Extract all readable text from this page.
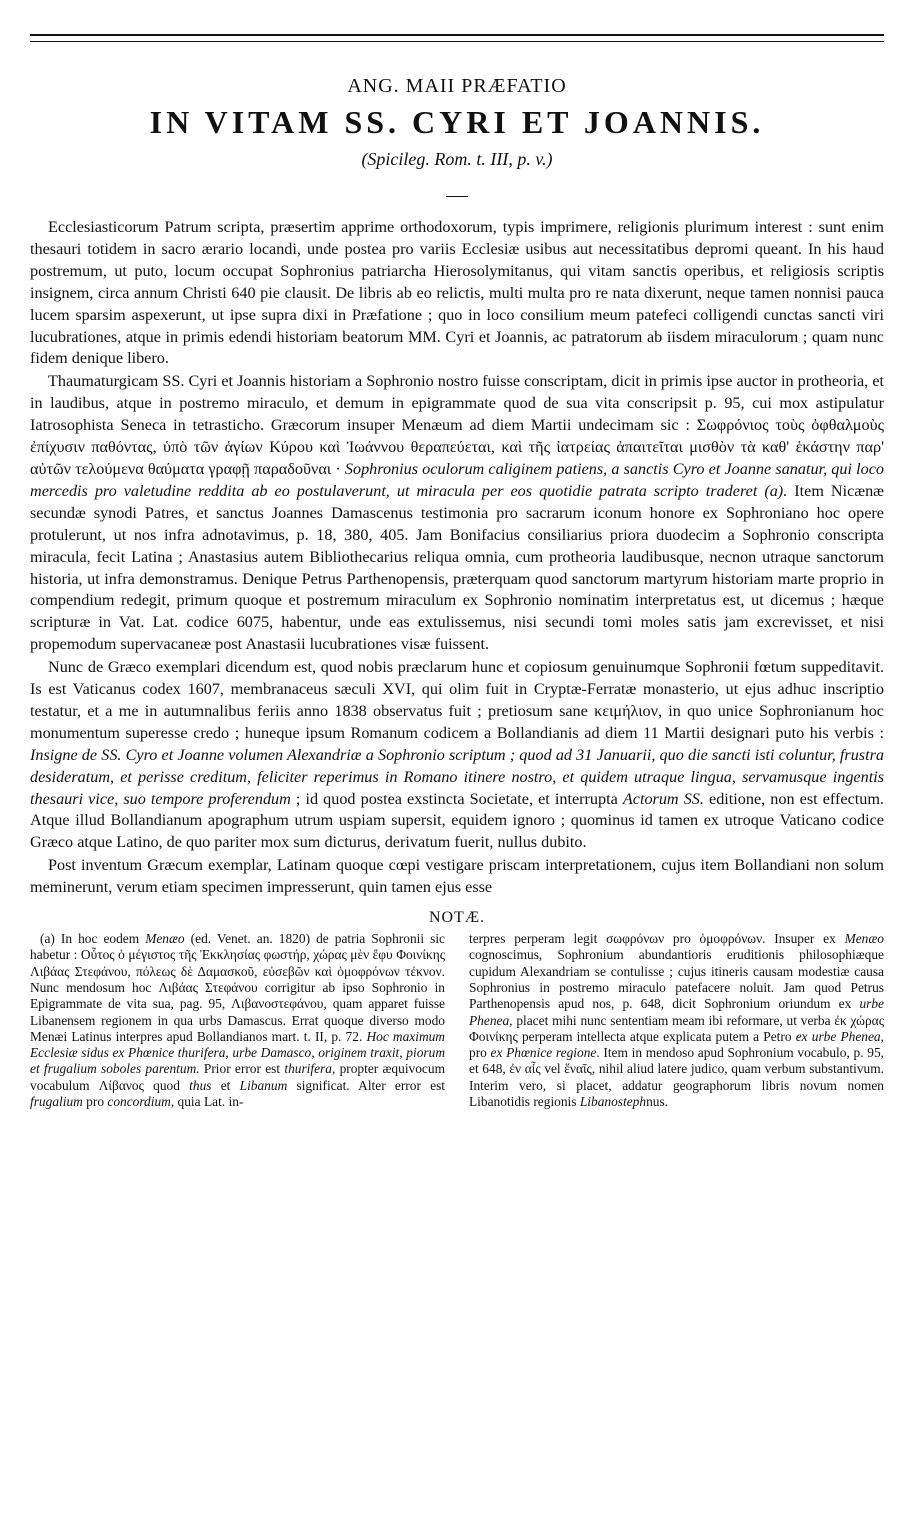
ANG. MAII PRÆFATIO
IN VITAM SS. CYRI ET JOANNIS.
(Spicileg. Rom. t. III, p. v.)

Ecclesiasticorum Patrum scripta, præsertim apprime orthodoxorum, typis imprimere, religionis plurimum interest : sunt enim thesauri totidem in sacro ærario locandi, unde postea pro variis Ecclesiæ usibus aut necessitatibus depromi queant. In his haud postremum, ut puto, locum occupat Sophronius patriarcha Hierosolymitanus, qui vitam sanctis operibus, et religiosis scriptis insignem, circa annum Christi 640 pie clausit. De libris ab eo relictis, multi multa pro re nata dixerunt, neque tamen nonnisi pauca lucem sparsim aspexerunt, ut ipse supra dixi in Præfatione ; quo in loco consilium meum patefeci colligendi cunctas sancti viri lucubrationes, atque in primis edendi historiam beatorum MM. Cyri et Joannis, ac patratorum ab iisdem miraculorum ; quam nunc fidem denique libero.

Thaumaturgicam SS. Cyri et Joannis historiam a Sophronio nostro fuisse conscriptam, dicit in primis ipse auctor in protheoria, et in laudibus, atque in postremo miraculo, et demum in epigrammate quod de sua vita conscripsit p. 95, cui mox astipulatur Iatrosophista Seneca in tetrasticho. Græcorum insuper Menæum ad diem Martii undecimam sic : Σωφρόνιος τοὺς ὀφθαλμοὺς ἐπίχυσιν παθόντας, ὑπὸ τῶν ἁγίων Κύρου καὶ Ἰωάννου θεραπεύεται, καὶ τῆς ἰατρείας ἀπαιτεῖται μισθὸν τὰ καθ' ἑκάστην παρ' αὐτῶν τελούμενα θαύματα γραφῇ παραδοῦναι · Sophronius oculorum caliginem patiens, a sanctis Cyro et Joanne sanatur, qui loco mercedis pro valetudine reddita ab eo postulaverunt, ut miracula per eos quotidie patrata scripto traderet (a). Item Nicænæ secundæ synodi Patres, et sanctus Joannes Damascenus testimonia pro sacrarum iconum honore ex Sophroniano hoc opere protulerunt, ut nos infra adnotavimus, p. 18, 380, 405. Jam Bonifacius consiliarius priora duodecim a Sophronio conscripta miracula, fecit Latina ; Anastasius autem Bibliothecarius reliqua omnia, cum protheoria laudibusque, necnon utraque sanctorum historia, ut infra demonstramus. Denique Petrus Parthenopensis, præterquam quod sanctorum martyrum historiam marte proprio in compendium redegit, primum quoque et postremum miraculum ex Sophronio nominatim interpretatus est, ut dicemus ; hæque scripturæ in Vat. Lat. codice 6075, habentur, unde eas extulissemus, nisi secundi tomi moles satis jam excrevisset, et nisi propemodum supervacaneæ post Anastasii lucubrationes visæ fuissent.

Nunc de Græco exemplari dicendum est, quod nobis præclarum hunc et copiosum genuinumque Sophronii fœtum suppeditavit. Is est Vaticanus codex 1607, membranaceus sæculi XVI, qui olim fuit in Cryptæ-Ferratæ monasterio, ut ejus adhuc inscriptio testatur, et a me in autumnalibus feriis anno 1838 observatus fuit ; pretiosum sane κειμήλιον, in quo unice Sophronianum hoc monumentum superesse credo ; huneque ipsum Romanum codicem a Bollandianis ad diem 11 Martii designari puto his verbis : Insigne de SS. Cyro et Joanne volumen Alexandriæ a Sophronio scriptum ; quod ad 31 Januarii, quo die sancti isti coluntur, frustra desideratum, et perisse creditum, feliciter reperimus in Romano itinere nostro, et quidem utraque lingua, servamusque ingentis thesauri vice, suo tempore proferendum ; id quod postea exstincta Societate, et interrupta Actorum SS. editione, non est effectum. Atque illud Bollandianum apographum utrum uspiam supersit, equidem ignoro ; quominus id tamen ex utroque Vaticano codice Græco atque Latino, de quo pariter mox sum dicturus, derivatum fuerit, nullus dubito.

Post inventum Græcum exemplar, Latinam quoque cœpi vestigare priscam interpretationem, cujus item Bollandiani non solum meminerunt, verum etiam specimen impresserunt, quin tamen ejus esse

NOTÆ.

(a) In hoc eodem Menæo (ed. Venet. an. 1820) de patria Sophronii sic habetur : Οὗτος ὁ μέγιστος τῆς Ἐκκλησίας φωστήρ, χώρας μὲν ἔφυ Φοινίκης Λιβάας Στεφάνου, πόλεως δὲ Δαμασκοῦ, εὐσεβῶν καὶ ὁμοφρόνων τέκνον. Nunc mendosum hoc Λιβάας Στεφάνου corrigitur ab ipso Sophronio in Epigrammate de vita sua, pag. 95, Λιβανοστεφάνου, quam apparet fuisse Libanensem regionem in qua urbs Damascus. Errat quoque diverso modo Menæi Latinus interpres apud Bollandianos mart. t. II, p. 72. Hoc maximum Ecclesiæ sidus ex Phœnice thurifera, urbe Damasco, originem traxit, piorum et frugalium soboles parentum. Prior error est thurifera, propter æquivocum vocabulum Λίβανος quod thus et Libanum significat. Alter error est frugalium pro concordium, quia Lat. in-

terpres perperam legit σωφρόνων pro ὁμοφρόνων. Insuper ex Menæo cognoscimus, Sophronium abundantioris eruditionis philosophiæque cupidum Alexandriam se contulisse ; cujus itineris causam modestiæ causa Sophronius in postremo miraculo patefacere noluit. Jam quod Petrus Parthenopensis apud nos, p. 648, dicit Sophronium oriundum ex urbe Phenea, placet mihi nunc sententiam meam ibi reformare, ut verba ἐκ χώρας Φοινίκης perperam intellecta atque explicata putem a Petro ex urbe Phenea, pro ex Phœnice regione. Item in mendoso apud Sophronium vocabulo, p. 95, et 648, ἐν αἷς vel ἕναῖς, nihil aliud latere judico, quam verbum substantivum. Interim vero, si placet, addatur geographorum libris novum nomen Libanotidis regionis Libanostephnus.
